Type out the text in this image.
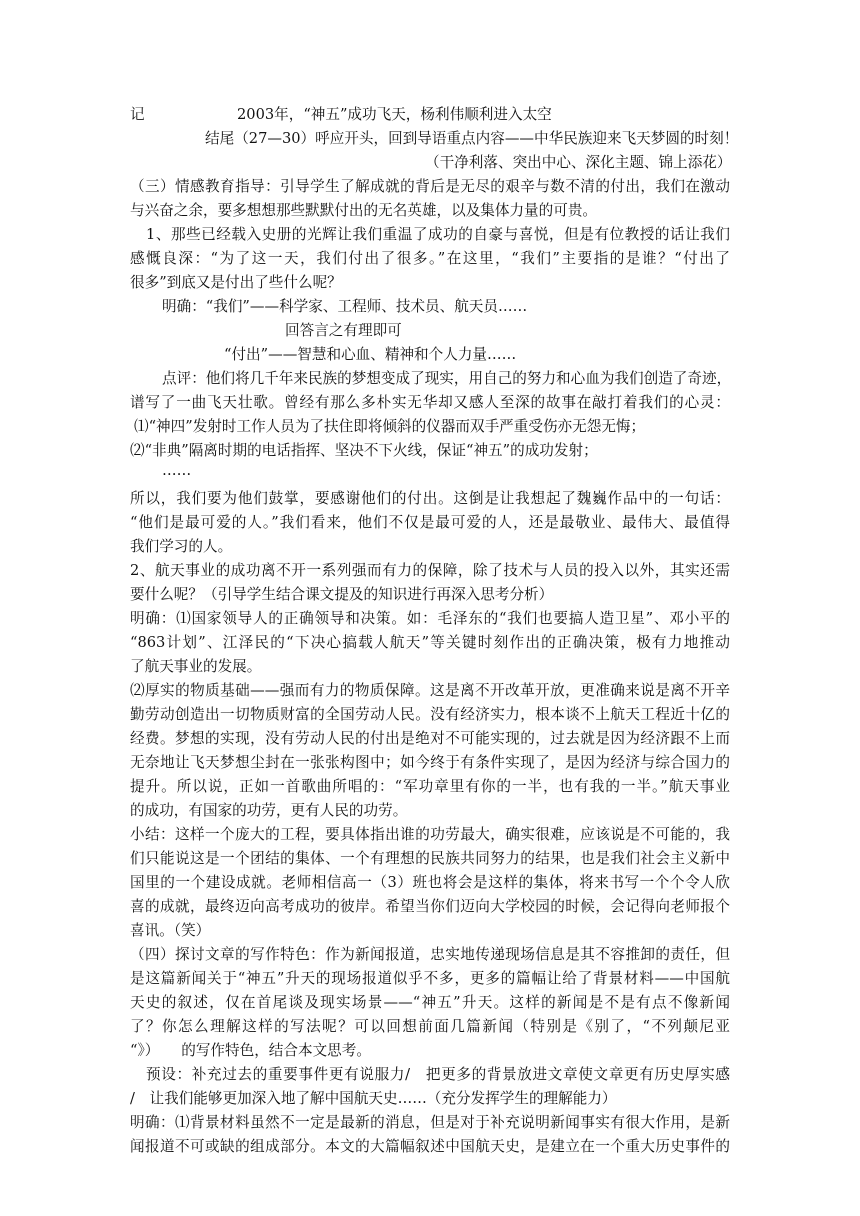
记	2003年，“神五”成功飞天，杨利伟顺利进入太空
结尾（27—30）呼应开头，回到导语重点内容——中华民族迎来飞天梦圆的时刻！
（干净利落、突出中心、深化主题、锦上添花）
（三）情感教育指导：引导学生了解成就的背后是无尽的艰辛与数不清的付出，我们在激动
与兴奋之余，要多想想那些默默付出的无名英雄，以及集体力量的可贵。
1、那些已经载入史册的光辉让我们重温了成功的自豪与喜悦，但是有位教授的话让我们
感慨良深：“为了这一天，我们付出了很多。”在这里，“我们”主要指的是谁？“付出了
很多”到底又是付出了些什么呢？
明确：“我们”——科学家、工程师、技术员、航天员……
回答言之有理即可
“付出”——智慧和心血、精神和个人力量……
点评：他们将几千年来民族的梦想变成了现实，用自己的努力和心血为我们创造了奇迹，
谱写了一曲飞天壮歌。曾经有那么多朴实无华却又感人至深的故事在敲打着我们的心灵：
⑴“神四”发射时工作人员为了扶住即将倾斜的仪器而双手严重受伤亦无怨无悔；
⑵“非典”隔离时期的电话指挥、坚决不下火线，保证“神五”的成功发射；
……
所以，我们要为他们鼓掌，要感谢他们的付出。这倒是让我想起了魏巍作品中的一句话：
“他们是最可爱的人。”我们看来，他们不仅是最可爱的人，还是最敬业、最伟大、最值得
我们学习的人。
2、航天事业的成功离不开一系列强而有力的保障，除了技术与人员的投入以外，其实还需
要什么呢？（引导学生结合课文提及的知识进行再深入思考分析）
明确：⑴国家领导人的正确领导和决策。如：毛泽东的“我们也要搞人造卫星”、邓小平的
“863计划”、江泽民的“下决心搞载人航天”等关键时刻作出的正确决策，极有力地推动
了航天事业的发展。
⑵厚实的物质基础——强而有力的物质保障。这是离不开改革开放，更准确来说是离不开辛
勤劳动创造出一切物质财富的全国劳动人民。没有经济实力，根本谈不上航天工程近十亿的
经费。梦想的实现，没有劳动人民的付出是绝对不可能实现的，过去就是因为经济跟不上而
无奈地让飞天梦想尘封在一张张构图中；如今终于有条件实现了，是因为经济与综合国力的
提升。所以说，正如一首歌曲所唱的：“军功章里有你的一半，也有我的一半。”航天事业
的成功，有国家的功劳，更有人民的功劳。
小结：这样一个庞大的工程，要具体指出谁的功劳最大，确实很难，应该说是不可能的，我
们只能说这是一个团结的集体、一个有理想的民族共同努力的结果，也是我们社会主义新中
国里的一个建设成就。老师相信高一（3）班也将会是这样的集体，将来书写一个个令人欣
喜的成就，最终迈向高考成功的彼岸。希望当你们迈向大学校园的时候，会记得向老师报个
喜讯。（笑）
（四）探讨文章的写作特色：作为新闻报道，忠实地传递现场信息是其不容推卸的责任，但
是这篇新闻关于“神五”升天的现场报道似乎不多，更多的篇幅让给了背景材料——中国航
天史的叙述，仅在首尾谈及现实场景——“神五”升天。这样的新闻是不是有点不像新闻
了？你怎么理解这样的写法呢？可以回想前面几篇新闻（特别是《别了，“不列颠尼亚
“》）　　的写作特色，结合本文思考。
预设：补充过去的重要事件更有说服力/　把更多的背景放进文章使文章更有历史厚实感
/　让我们能够更加深入地了解中国航天史……（充分发挥学生的理解能力）
明确：⑴背景材料虽然不一定是最新的消息，但是对于补充说明新闻事实有很大作用，是新
闻报道不可或缺的组成部分。本文的大篇幅叙述中国航天史，是建立在一个重大历史事件的
